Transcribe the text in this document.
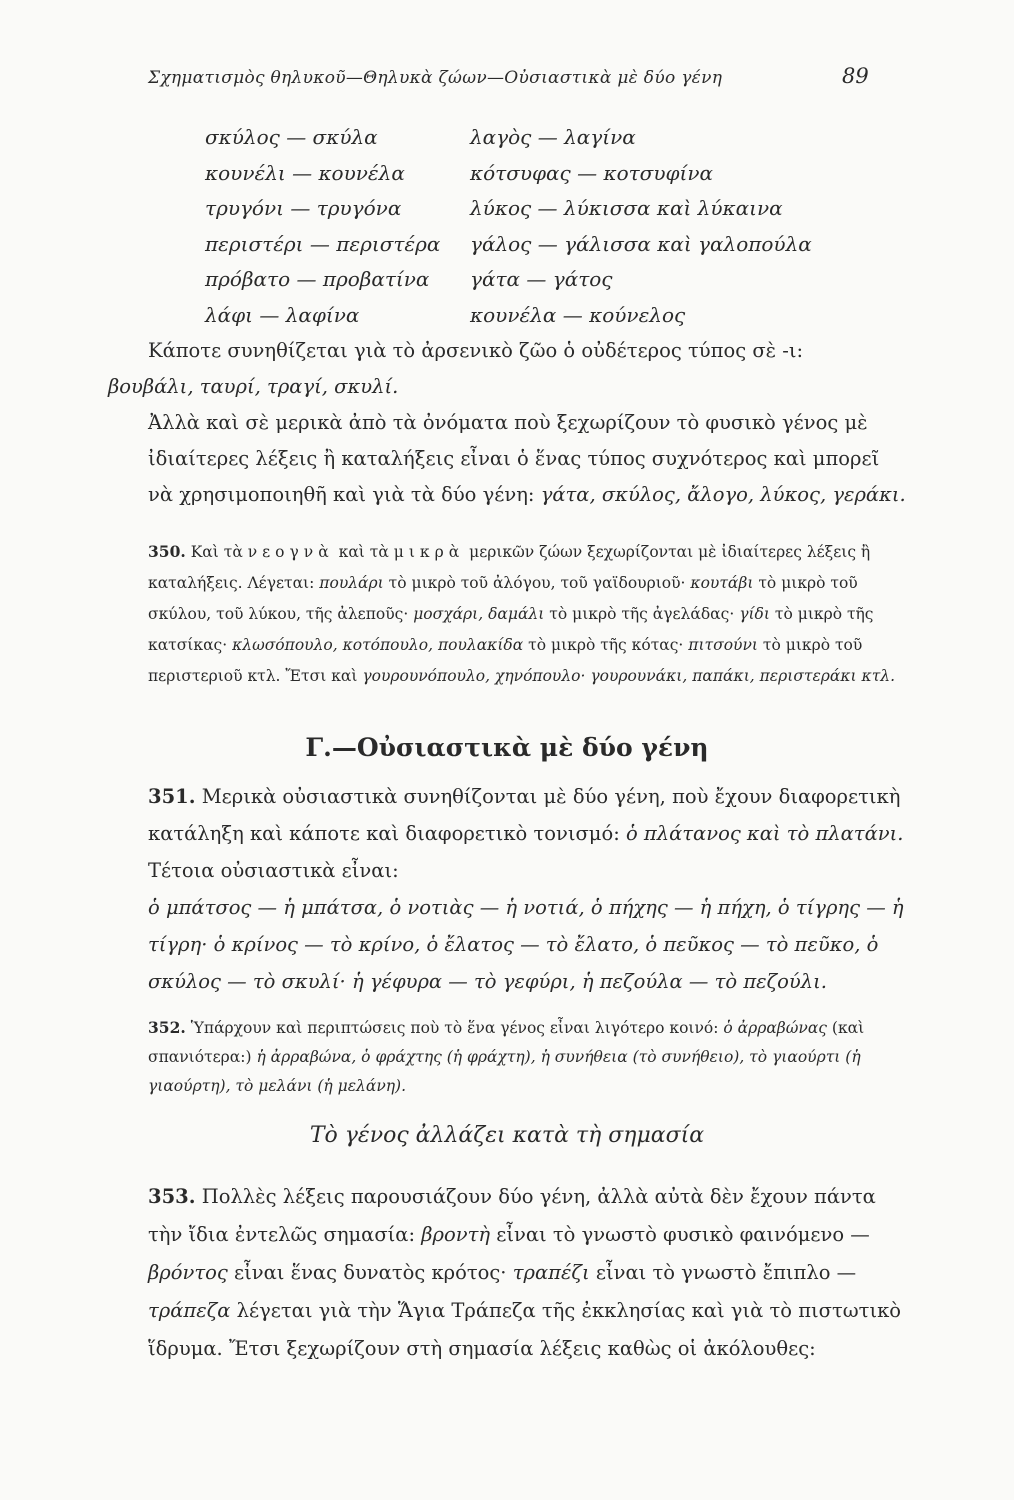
Σχηματισμὸς θηλυκοῦ—Θηλυκὰ ζώων—Οὐσιαστικὰ μὲ δύο γένη	89
σκύλος — σκύλα
κουνέλι — κουνέλα
τρυγόνι — τρυγόνα
περιστέρι — περιστέρα
πρόβατο — προβατίνα
λάφι — λαφίνα
λαγὸς — λαγίνα
κότσυφας — κοτσυφίνα
λύκος — λύκισσα καὶ λύκαινα
γάλος — γάλισσα καὶ γαλοπούλα
γάτα — γάτος
κουνέλα — κούνελος

Κάποτε συνηθίζεται γιὰ τὸ ἀρσενικὸ ζῶο ὁ οὐδέτερος τύπος σὲ -ι:

βουβάλι, ταυρί, τραγί, σκυλί.

Ἀλλὰ καὶ σὲ μερικὰ ἀπὸ τὰ ὀνόματα ποὺ ξεχωρίζουν τὸ φυσικὸ γένος μὲ ἰδιαίτερες λέξεις ἢ καταλήξεις εἶναι ὁ ἕνας τύπος συχνότερος καὶ μπορεῖ νὰ χρησιμοποιηθῆ καὶ γιὰ τὰ δύο γένη: γάτα, σκύλος, ἄλογο, λύκος, γεράκι.

350. Καὶ τὰ νεογνὰ καὶ τὰ μικρὰ μερικῶν ζώων ξεχωρίζονται μὲ ἰδιαίτερες λέξεις ἢ καταλήξεις. Λέγεται: πουλάρι τὸ μικρὸ τοῦ ἀλόγου, τοῦ γαϊδουριοῦ· κουτάβι τὸ μικρὸ τοῦ σκύλου, τοῦ λύκου, τῆς ἀλεποῦς· μοσχάρι, δαμάλι τὸ μικρὸ τῆς ἀγελάδας· γίδι τὸ μικρὸ τῆς κατσίκας· κλωσόπουλο, κοτόπουλο, πουλακίδα τὸ μικρὸ τῆς κότας· πιτσούνι τὸ μικρὸ τοῦ περιστεριοῦ κτλ. Ἔτσι καὶ γουρουνόπουλο, χηνόπουλο· γουρουνάκι, παπάκι, περιστεράκι κτλ.

Γ.—Οὐσιαστικὰ μὲ δύο γένη

351. Μερικὰ οὐσιαστικὰ συνηθίζονται μὲ δύο γένη, ποὺ ἔχουν διαφορετικὴ κατάληξη καὶ κάποτε καὶ διαφορετικὸ τονισμό: ὁ πλάτανος καὶ τὸ πλατάνι. Τέτοια οὐσιαστικὰ εἶναι:

ὁ μπάτσος — ἡ μπάτσα, ὁ νοτιὰς — ἡ νοτιά, ὁ πήχης — ἡ πήχη, ὁ τίγρης — ἡ τίγρη· ὁ κρίνος — τὸ κρίνο, ὁ ἔλατος — τὸ ἔλατο, ὁ πεῦκος — τὸ πεῦκο, ὁ σκύλος — τὸ σκυλί· ἡ γέφυρα — τὸ γεφύρι, ἡ πεζούλα — τὸ πεζούλι.

352. Ὑπάρχουν καὶ περιπτώσεις ποὺ τὸ ἕνα γένος εἶναι λιγότερο κοινό: ὁ ἀρραβώνας (καὶ σπανιότερα:) ἡ ἀρραβώνα, ὁ φράχτης (ἡ φράχτη), ἡ συνήθεια (τὸ συνήθειο), τὸ γιαούρτι (ἡ γιαούρτη), τὸ μελάνι (ἡ μελάνη).

Τὸ γένος ἀλλάζει κατὰ τὴ σημασία

353. Πολλὲς λέξεις παρουσιάζουν δύο γένη, ἀλλὰ αὐτὰ δὲν ἔχουν πάντα τὴν ἴδια ἐντελῶς σημασία: βροντὴ εἶναι τὸ γνωστὸ φυσικὸ φαινόμενο — βρόντος εἶναι ἕνας δυνατὸς κρότος· τραπέζι εἶναι τὸ γνωστὸ ἔπιπλο — τράπεζα λέγεται γιὰ τὴν Ἅγια Τράπεζα τῆς ἐκκλησίας καὶ γιὰ τὸ πιστωτικὸ ἵδρυμα. Ἔτσι ξεχωρίζουν στὴ σημασία λέξεις καθὼς οἱ ἀκόλουθες:
